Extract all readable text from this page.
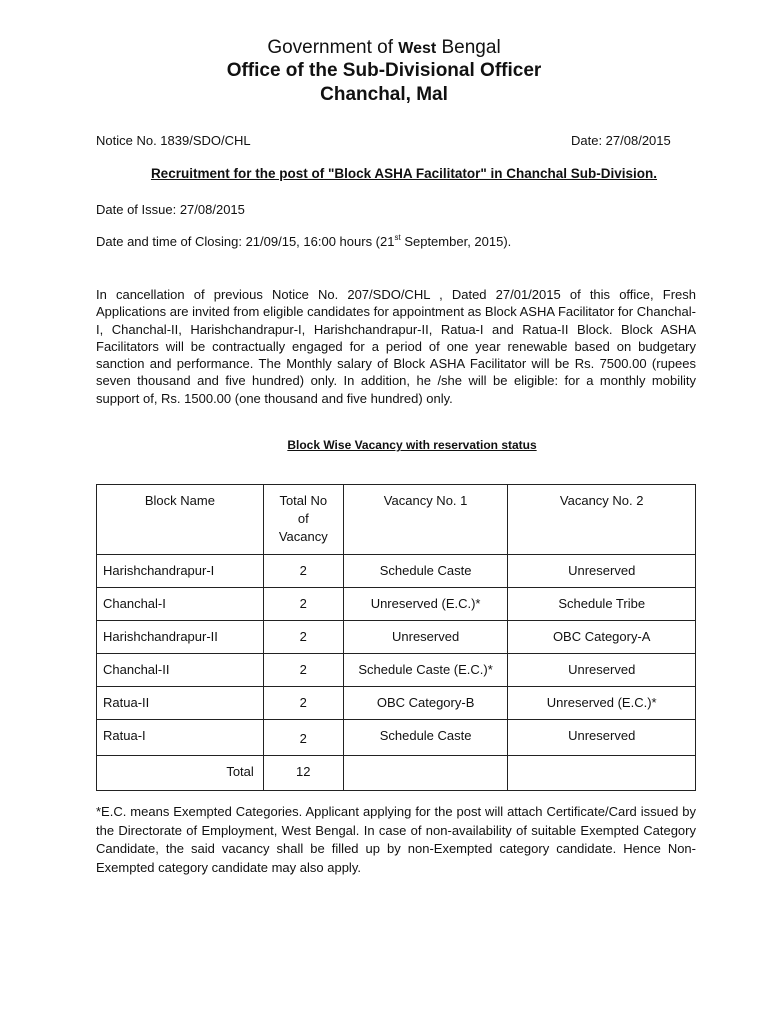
Government of West Bengal
Office of the Sub-Divisional Officer
Chanchal, Mal
Notice No. 1839/SDO/CHL	Date: 27/08/2015
Recruitment for the post of "Block ASHA Facilitator" in Chanchal Sub-Division.
Date of Issue: 27/08/2015
Date and time of Closing: 21/09/15, 16:00 hours (21st September, 2015).
In cancellation of previous Notice No. 207/SDO/CHL , Dated 27/01/2015 of this office, Fresh Applications are invited from eligible candidates for appointment as Block ASHA Facilitator for Chanchal-I, Chanchal-II, Harishchandrapur-I, Harishchandrapur-II, Ratua-I and Ratua-II Block. Block ASHA Facilitators will be contractually engaged for a period of one year renewable based on budgetary sanction and performance. The Monthly salary of Block ASHA Facilitator will be Rs. 7500.00 (rupees seven thousand and five hundred) only. In addition, he /she will be eligible: for a monthly mobility support of, Rs. 1500.00 (one thousand and five hundred) only.
Block Wise Vacancy with reservation status
Block Name	Total No of Vacancy	Vacancy No. 1	Vacancy No. 2
Harishchandrapur-I	2	Schedule Caste	Unreserved
Chanchal-I	2	Unreserved (E.C.)*	Schedule Tribe
Harishchandrapur-II	2	Unreserved	OBC Category-A
Chanchal-II	2	Schedule Caste (E.C.)*	Unreserved
Ratua-II	2	OBC Category-B	Unreserved (E.C.)*
Ratua-I	2	Schedule Caste	Unreserved
Total	12		
*E.C. means Exempted Categories. Applicant applying for the post will attach Certificate/Card issued by the Directorate of Employment, West Bengal. In case of non-availability of suitable Exempted Category Candidate, the said vacancy shall be filled up by non-Exempted category candidate. Hence Non-Exempted category candidate may also apply.
